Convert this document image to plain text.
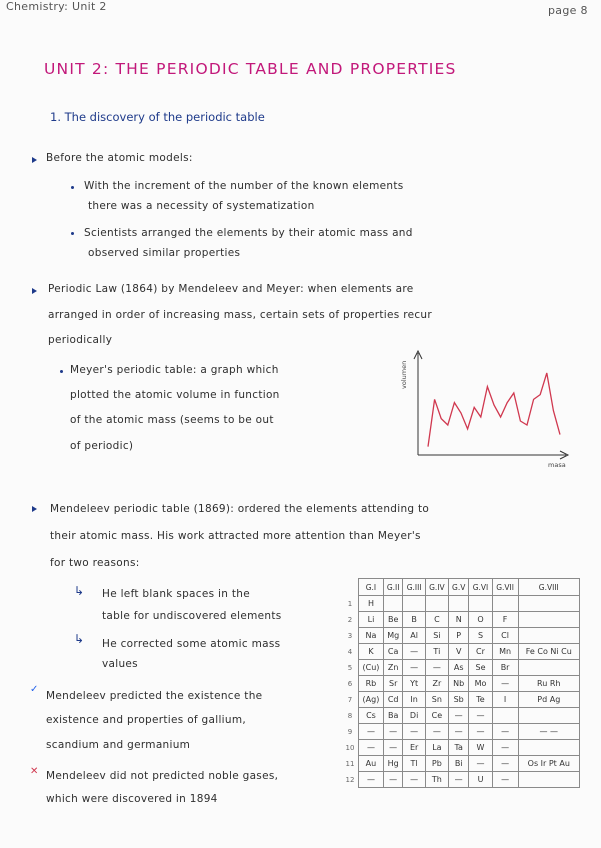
Chemistry: Unit 2	page 8
UNIT 2: THE PERIODIC TABLE AND PROPERTIES
1. The discovery of the periodic table
Before the atomic models:
With the increment of the number of the known elements
there was a necessity of systematization
Scientists arranged the elements by their atomic mass and
observed similar properties
Periodic Law (1864) by Mendeleev and Meyer: when elements are
arranged in order of increasing mass, certain sets of properties recur
periodically
Meyer's periodic table: a graph which
plotted the atomic volume in function
of the atomic mass (seems to be out
of periodic)
volumen
masa
Mendeleev periodic table (1869): ordered the elements attending to
their atomic mass. His work attracted more attention than Meyer's
for two reasons:
↳ He left blank spaces in the
table for undiscovered elements
↳ He corrected some atomic mass
values
✓
Mendeleev predicted the existence the
existence and properties of gallium,
scandium and germanium
✕ Mendeleev did not predicted noble gases,
which were discovered in 1894
	G.I	G.II	G.III	G.IV	G.V	G.VI	G.VII	G.VIII
1	H							
2	Li	Be	B	C	N	O	F	
3	Na	Mg	Al	Si	P	S	Cl	
4	K	Ca	—	Ti	V	Cr	Mn	Fe Co Ni Cu
5	(Cu)	Zn	—	—	As	Se	Br	
6	Rb	Sr	Yt	Zr	Nb	Mo	—	Ru Rh
7	(Ag)	Cd	In	Sn	Sb	Te	I	Pd Ag
8	Cs	Ba	Di	Ce	—	—		
9	—	—	—	—	—	—	—	— —
10	—	—	Er	La	Ta	W	—	
11	Au	Hg	Tl	Pb	Bi	—	—	Os Ir Pt Au
12	—	—	—	Th	—	U	—	
